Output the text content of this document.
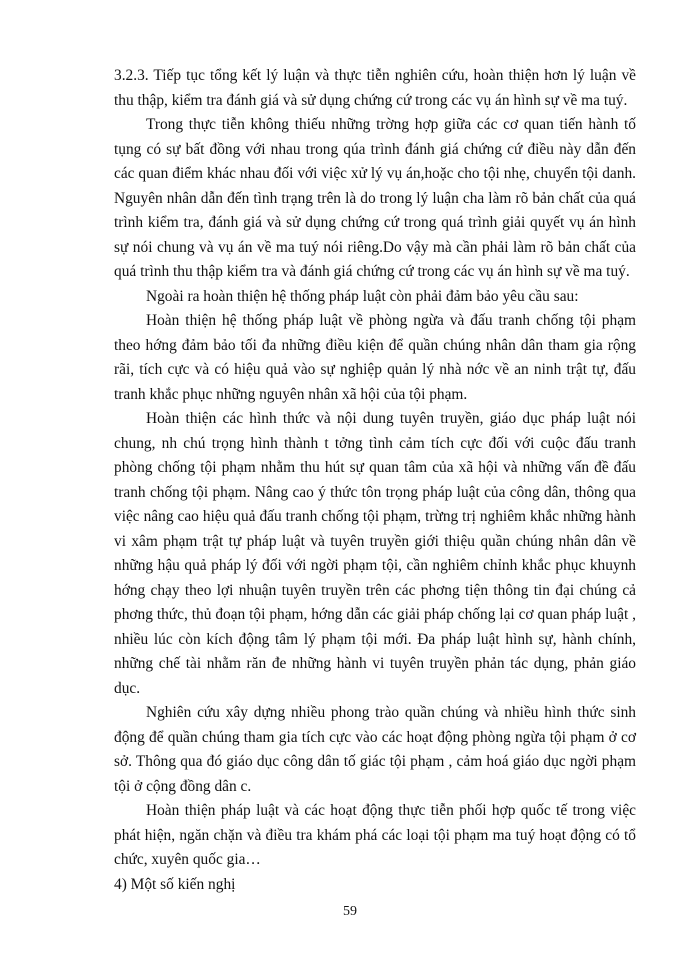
3.2.3. Tiếp tục tổng kết lý luận và thực tiễn nghiên cứu, hoàn thiện hơn lý luận về thu thập, kiểm tra đánh giá và sử dụng chứng cứ trong các vụ án hình sự về ma tuý.

Trong thực tiễn không thiếu những trờng hợp giữa các cơ quan tiến hành tố tụng có sự bất đồng với nhau trong qúa trình đánh giá chứng cứ điều này dẫn đến các quan điểm khác nhau đối với việc xử lý vụ án,hoặc cho tội nhẹ, chuyển tội danh. Nguyên nhân dẫn đến tình trạng trên là do trong lý luận cha làm rõ bản chất của quá trình kiểm tra, đánh giá và sử dụng chứng cứ trong quá trình giải quyết vụ án hình sự nói chung và vụ án về ma tuý nói riêng.Do vậy mà cần phải làm rõ bản chất của quá trình thu thập kiểm tra và đánh giá chứng cứ trong các vụ án hình sự về ma tuý.

Ngoài ra hoàn thiện hệ thống pháp luật còn phải đảm bảo yêu cầu sau:

Hoàn thiện hệ thống pháp luật về phòng ngừa và đấu tranh chống tội phạm theo hớng đảm bảo tối đa những điều kiện để quần chúng nhân dân tham gia rộng rãi, tích cực và có hiệu quả vào sự nghiệp quản lý nhà nớc về an ninh trật tự, đấu tranh khắc phục những nguyên nhân xã hội của tội phạm.

Hoàn thiện các hình thức và nội dung tuyên truyền, giáo dục pháp luật nói chung, nh chú trọng hình thành t tởng tình cảm tích cực đối với cuộc đấu tranh phòng chống tội phạm nhằm thu hút sự quan tâm của xã hội và những vấn đề đấu tranh chống tội phạm. Nâng cao ý thức tôn trọng pháp luật của công dân, thông qua việc nâng cao hiệu quả đấu tranh chống tội phạm, trừng trị nghiêm khắc những hành vi xâm phạm trật tự pháp luật và tuyên truyền giới thiệu quần chúng nhân dân về những hậu quả pháp lý đối với ngời phạm tội, cần nghiêm chỉnh khắc phục khuynh hớng chạy theo lợi nhuận tuyên truyền trên các phơng tiện thông tin đại chúng cả phơng thức, thủ đoạn tội phạm, hớng dẫn các giải pháp chống lại cơ quan pháp luật , nhiều lúc còn kích động tâm lý phạm tội mới. Đa pháp luật hình sự, hành chính, những chế tài nhằm răn đe những hành vi tuyên truyền phản tác dụng, phản giáo dục.

Nghiên cứu xây dựng nhiều phong trào quần chúng và nhiều hình thức sinh động để quần chúng tham gia tích cực vào các hoạt động phòng ngừa tội phạm ở cơ sở. Thông qua đó giáo dục công dân tố giác tội phạm , cảm hoá giáo dục ngời phạm tội ở cộng đồng dân c.

Hoàn thiện pháp luật và các hoạt động thực tiễn phối hợp quốc tế trong việc phát hiện, ngăn chặn và điều tra khám phá các loại tội phạm ma tuý hoạt động có tổ chức, xuyên quốc gia…

4) Một số kiến nghị

59
